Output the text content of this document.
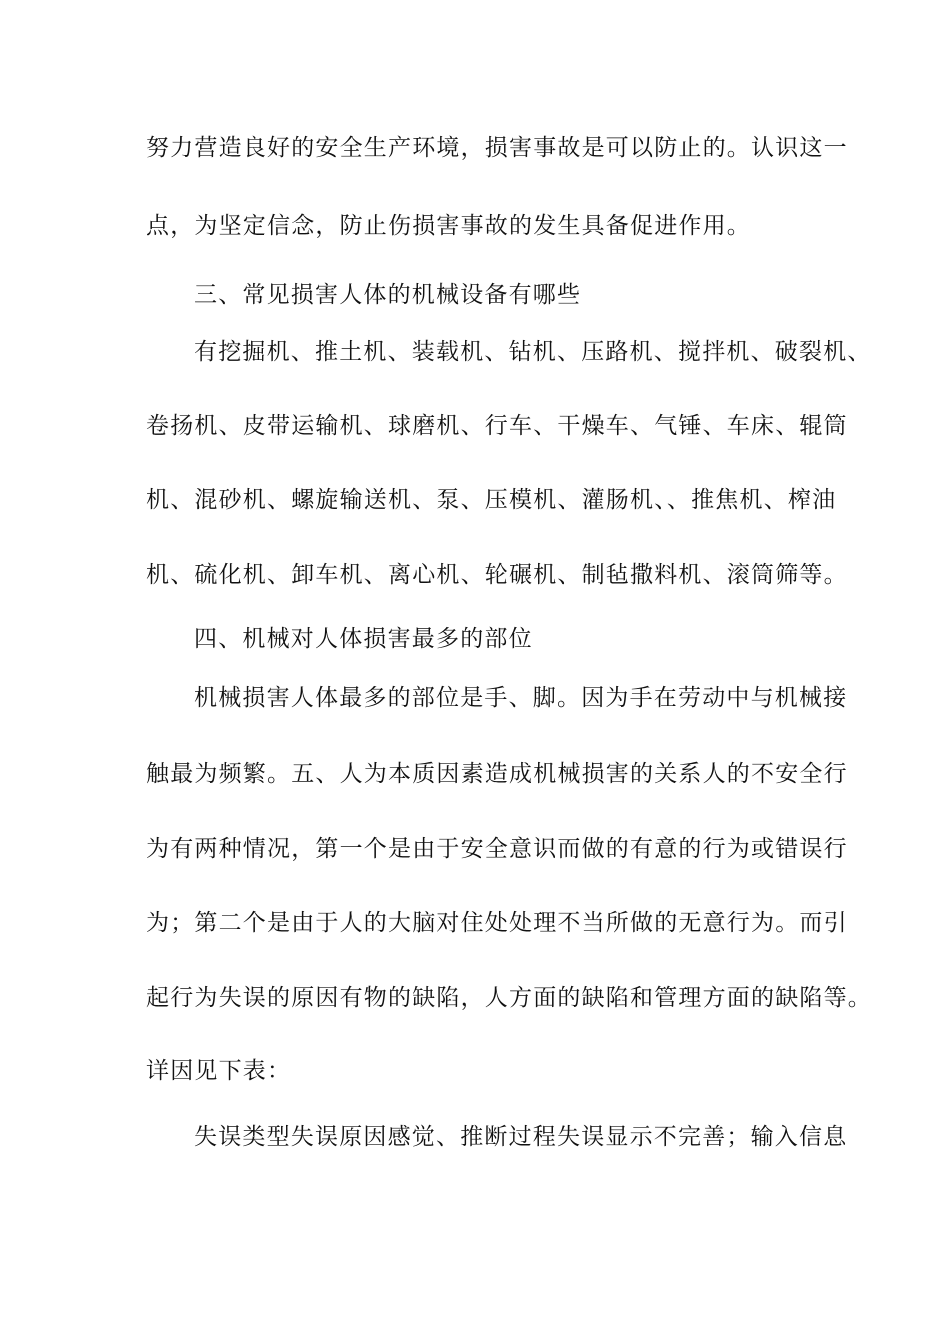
努力营造良好的安全生产环境，损害事故是可以防止的。认识这一
点，为坚定信念，防止伤损害事故的发生具备促进作用。
三、常见损害人体的机械设备有哪些
有挖掘机、推土机、装载机、钻机、压路机、搅拌机、破裂机、
卷扬机、皮带运输机、球磨机、行车、干燥车、气锤、车床、辊筒
机、混砂机、螺旋输送机、泵、压模机、灌肠机、、推焦机、榨油
机、硫化机、卸车机、离心机、轮碾机、制毡撒料机、滚筒筛等。
四、机械对人体损害最多的部位
机械损害人体最多的部位是手、脚。因为手在劳动中与机械接
触最为频繁。五、人为本质因素造成机械损害的关系人的不安全行
为有两种情况，第一个是由于安全意识而做的有意的行为或错误行
为；第二个是由于人的大脑对住处处理不当所做的无意行为。而引
起行为失误的原因有物的缺陷，人方面的缺陷和管理方面的缺陷等。
详因见下表：
失误类型失误原因感觉、推断过程失误显示不完善；输入信息
